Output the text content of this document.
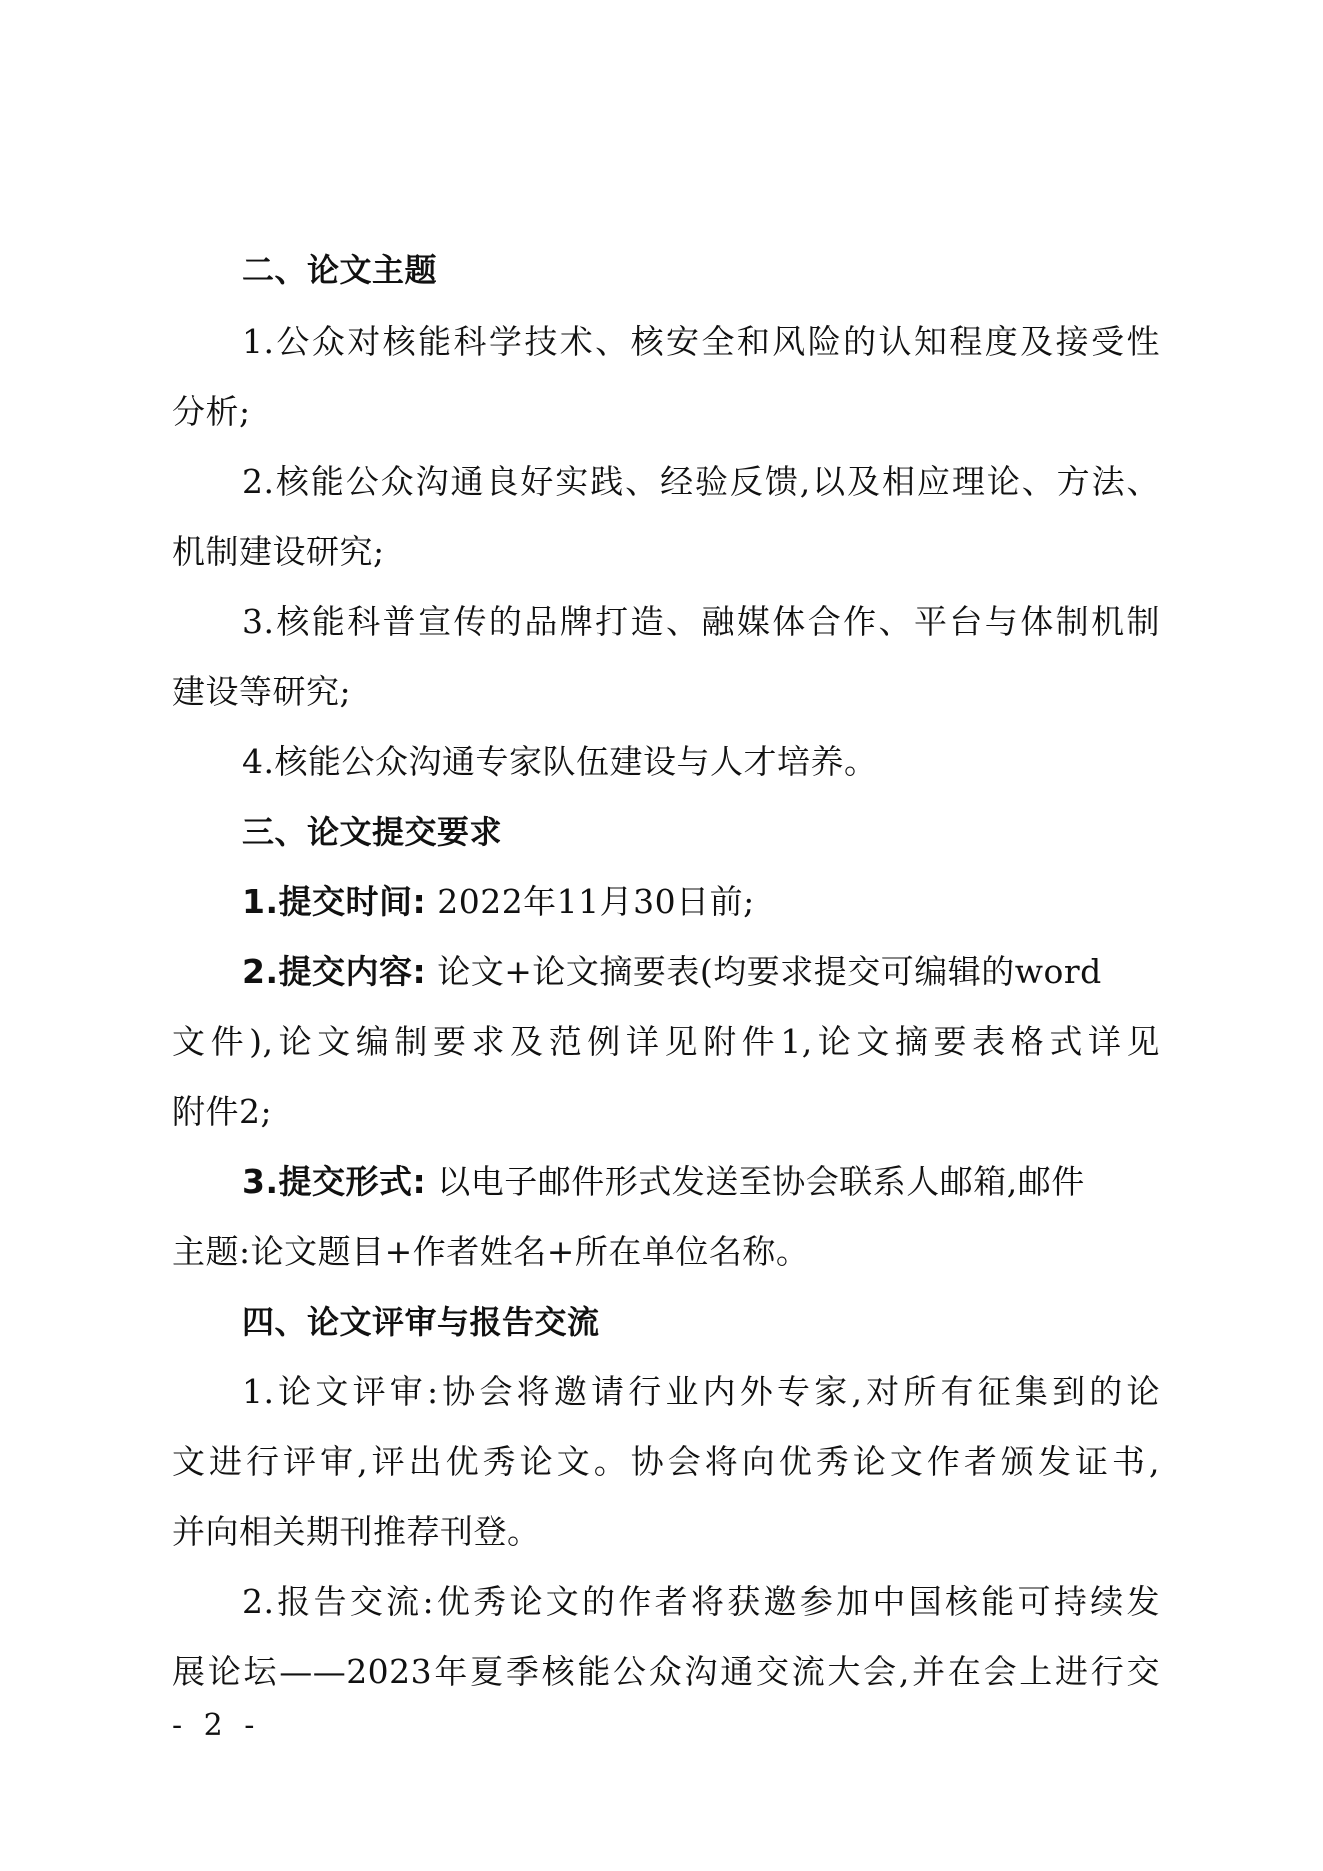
二、论文主题
1.公众对核能科学技术、核安全和风险的认知程度及接受性
分析;
2.核能公众沟通良好实践、经验反馈,以及相应理论、方法、
机制建设研究;
3.核能科普宣传的品牌打造、融媒体合作、平台与体制机制
建设等研究;
4.核能公众沟通专家队伍建设与人才培养。
三、论文提交要求
1.提交时间: 2022年11月30日前;
2.提交内容: 论文+论文摘要表(均要求提交可编辑的word
文件),论文编制要求及范例详见附件1,论文摘要表格式详见
附件2;
3.提交形式: 以电子邮件形式发送至协会联系人邮箱,邮件
主题:论文题目+作者姓名+所在单位名称。
四、论文评审与报告交流
1.论文评审:协会将邀请行业内外专家,对所有征集到的论
文进行评审,评出优秀论文。协会将向优秀论文作者颁发证书,
并向相关期刊推荐刊登。
2.报告交流:优秀论文的作者将获邀参加中国核能可持续发
展论坛——2023年夏季核能公众沟通交流大会,并在会上进行交
- 2 -
